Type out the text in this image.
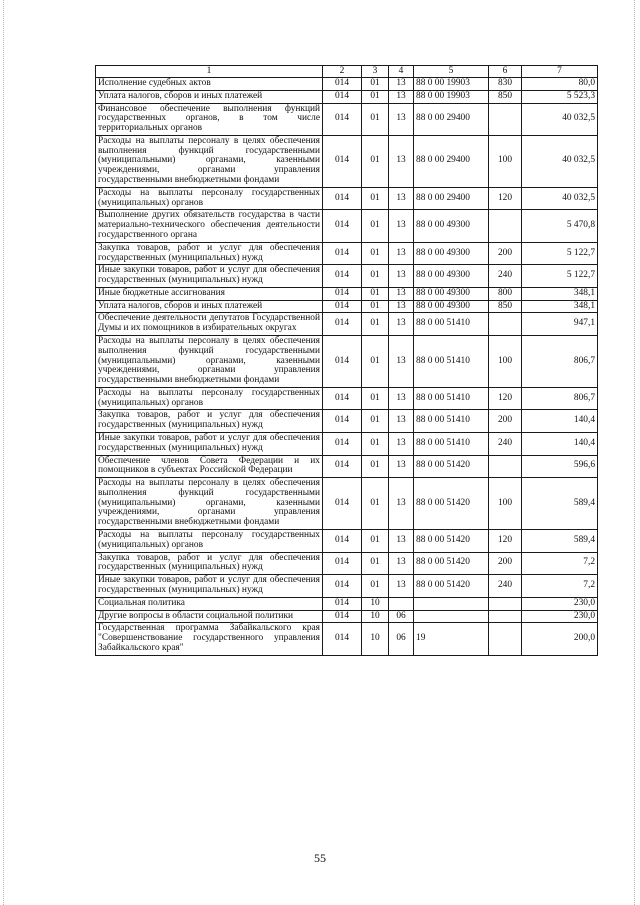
1	2	3	4	5	6	7
Исполнение судебных актов	014	01	13	88 0 00 19903	830	80,0
Уплата налогов, сборов и иных платежей	014	01	13	88 0 00 19903	850	5 523,3
Финансовое обеспечение выполнения функций государственных органов, в том числе территориальных органов	014	01	13	88 0 00 29400		40 032,5
Расходы на выплаты персоналу в целях обеспечения выполнения функций государственными (муниципальными) органами, казенными учреждениями, органами управления государственными внебюджетными фондами	014	01	13	88 0 00 29400	100	40 032,5
Расходы на выплаты персоналу государственных (муниципальных) органов	014	01	13	88 0 00 29400	120	40 032,5
Выполнение других обязательств государства в части материально-технического обеспечения деятельности государственного органа	014	01	13	88 0 00 49300		5 470,8
Закупка товаров, работ и услуг для обеспечения государственных (муниципальных) нужд	014	01	13	88 0 00 49300	200	5 122,7
Иные закупки товаров, работ и услуг для обеспечения государственных (муниципальных) нужд	014	01	13	88 0 00 49300	240	5 122,7
Иные бюджетные ассигнования	014	01	13	88 0 00 49300	800	348,1
Уплата налогов, сборов и иных платежей	014	01	13	88 0 00 49300	850	348,1
Обеспечение деятельности депутатов Государственной Думы и их помощников в избирательных округах	014	01	13	88 0 00 51410		947,1
Расходы на выплаты персоналу в целях обеспечения выполнения функций государственными (муниципальными) органами, казенными учреждениями, органами управления государственными внебюджетными фондами	014	01	13	88 0 00 51410	100	806,7
Расходы на выплаты персоналу государственных (муниципальных) органов	014	01	13	88 0 00 51410	120	806,7
Закупка товаров, работ и услуг для обеспечения государственных (муниципальных) нужд	014	01	13	88 0 00 51410	200	140,4
Иные закупки товаров, работ и услуг для обеспечения государственных (муниципальных) нужд	014	01	13	88 0 00 51410	240	140,4
Обеспечение членов Совета Федерации и их помощников в субъектах Российской Федерации	014	01	13	88 0 00 51420		596,6
Расходы на выплаты персоналу в целях обеспечения выполнения функций государственными (муниципальными) органами, казенными учреждениями, органами управления государственными внебюджетными фондами	014	01	13	88 0 00 51420	100	589,4
Расходы на выплаты персоналу государственных (муниципальных) органов	014	01	13	88 0 00 51420	120	589,4
Закупка товаров, работ и услуг для обеспечения государственных (муниципальных) нужд	014	01	13	88 0 00 51420	200	7,2
Иные закупки товаров, работ и услуг для обеспечения государственных (муниципальных) нужд	014	01	13	88 0 00 51420	240	7,2
Социальная политика	014	10				230,0
Другие вопросы в области социальной политики	014	10	06			230,0
Государственная программа Забайкальского края "Совершенствование государственного управления Забайкальского края"	014	10	06	19		200,0
55
